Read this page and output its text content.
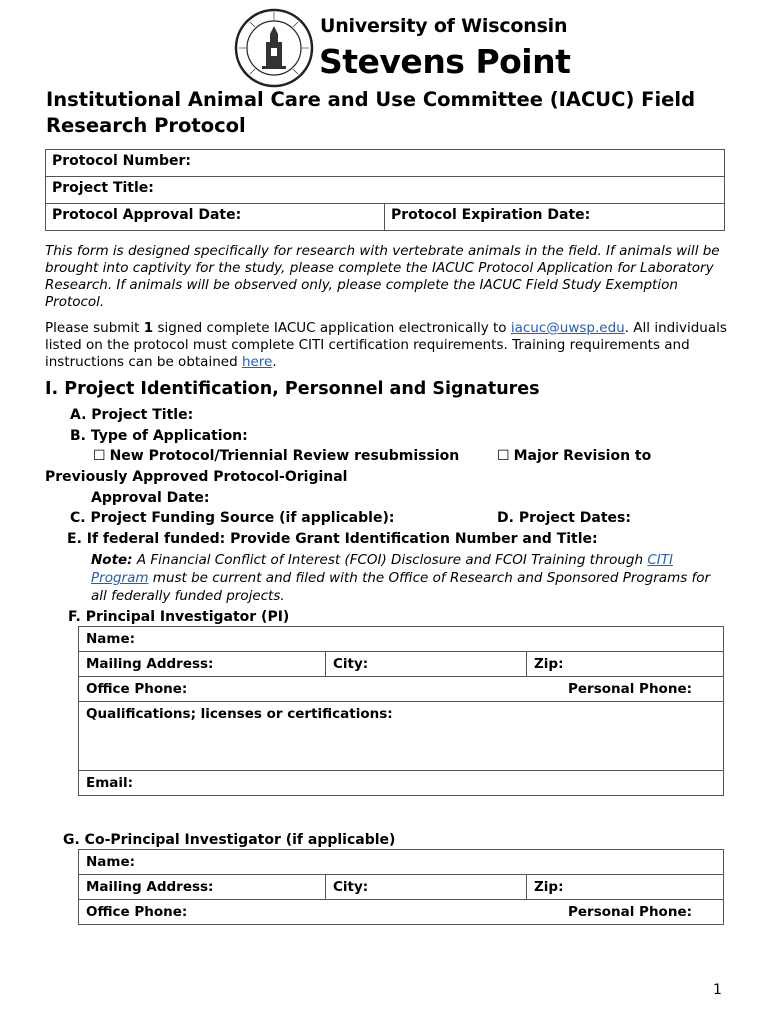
University of Wisconsin
Stevens Point
Institutional Animal Care and Use Committee (IACUC) Field Research Protocol
Protocol Number:
Project Title:
Protocol Approval Date:	Protocol Expiration Date:
This form is designed specifically for research with vertebrate animals in the field. If animals will be brought into captivity for the study, please complete the IACUC Protocol Application for Laboratory Research. If animals will be observed only, please complete the IACUC Field Study Exemption Protocol.
Please submit 1 signed complete IACUC application electronically to iacuc@uwsp.edu. All individuals listed on the protocol must complete CITI certification requirements. Training requirements and instructions can be obtained here.
I. Project Identification, Personnel and Signatures
A. Project Title:
B. Type of Application:
☐ New Protocol/Triennial Review resubmission	☐ Major Revision to
Previously Approved Protocol-Original
Approval Date:
C. Project Funding Source (if applicable):	D. Project Dates:
E. If federal funded: Provide Grant Identification Number and Title:
Note: A Financial Conflict of Interest (FCOI) Disclosure and FCOI Training through CITI Program must be current and filed with the Office of Research and Sponsored Programs for all federally funded projects.
F. Principal Investigator (PI)
Name:
Mailing Address:	City:	Zip:
Office Phone:	Personal Phone:

Qualifications; licenses or certifications:
Email:
G. Co-Principal Investigator (if applicable)
Name:
Mailing Address:	City:	Zip:
Office Phone:	Personal Phone:
1
